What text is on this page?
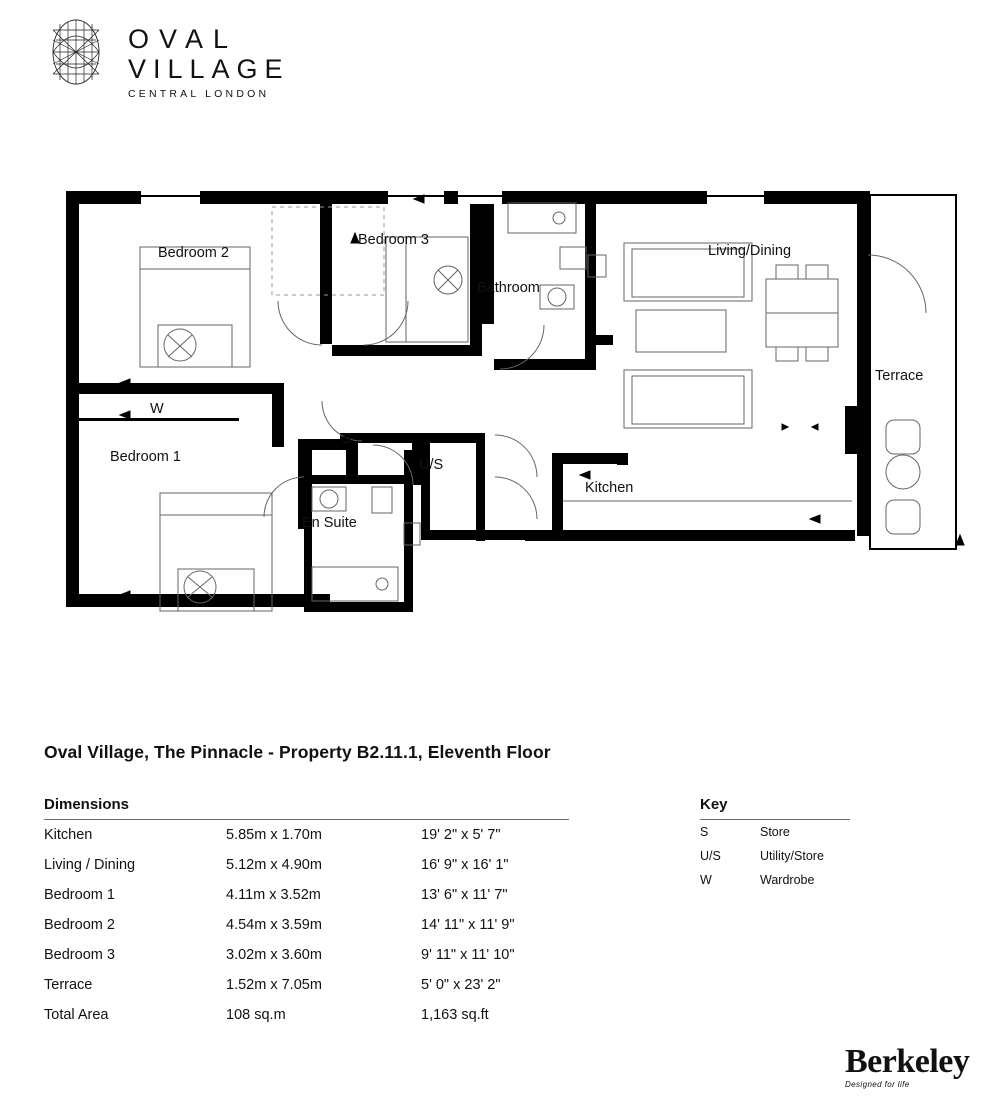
OVAL
VILLAGE
CENTRAL LONDON
Bedroom 2
Bedroom 3
Bathroom
Living/Dining
Terrace
W
Bedroom 1
S
U/S
Kitchen
En Suite
Oval Village, The Pinnacle - Property B2.11.1, Eleventh Floor
Dimensions
Kitchen	5.85m x 1.70m	19' 2" x 5' 7"
Living / Dining	5.12m x 4.90m	16' 9" x 16' 1"
Bedroom 1	4.11m x 3.52m	13' 6" x 11' 7"
Bedroom 2	4.54m x 3.59m	14' 11" x 11' 9"
Bedroom 3	3.02m x 3.60m	9' 11" x 11' 10"
Terrace	1.52m x 7.05m	5' 0" x 23' 2"
Total Area	108 sq.m	1,163 sq.ft
Key
S	Store
U/S	Utility/Store
W	Wardrobe
Berkeley
Designed for life
